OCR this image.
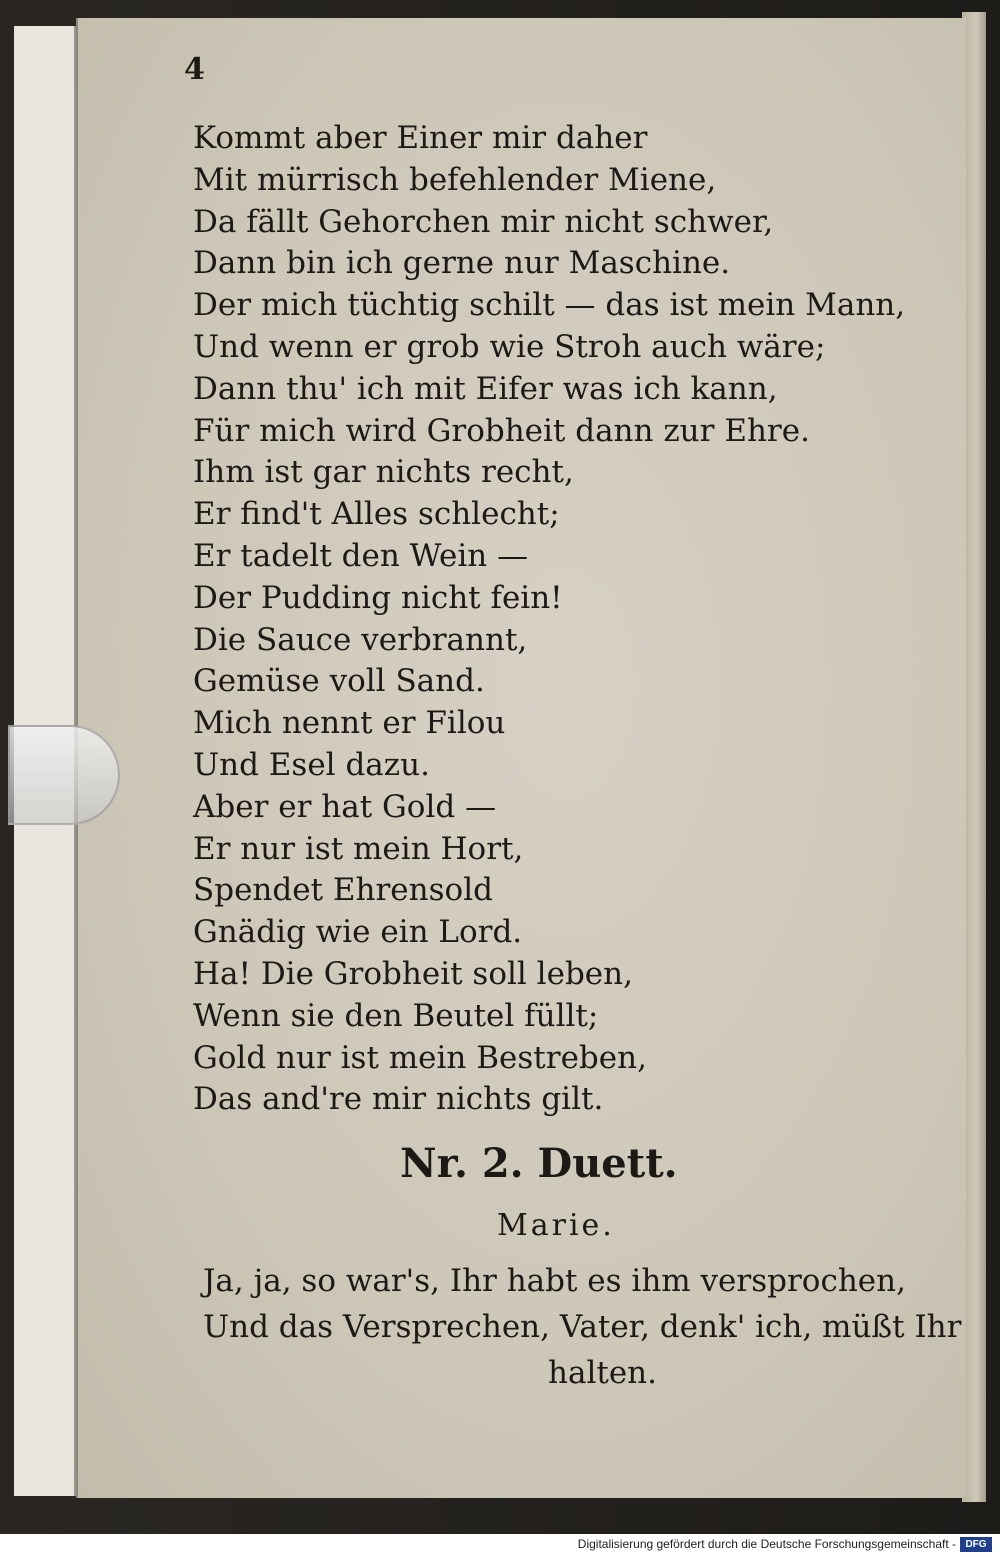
4
Kommt aber Einer mir daher
Mit mürrisch befehlender Miene,
Da fällt Gehorchen mir nicht schwer,
Dann bin ich gerne nur Maschine.
Der mich tüchtig schilt — das ist mein Mann,
Und wenn er grob wie Stroh auch wäre;
Dann thu' ich mit Eifer was ich kann,
Für mich wird Grobheit dann zur Ehre.
Ihm ist gar nichts recht,
Er find't Alles schlecht;
Er tadelt den Wein —
Der Pudding nicht fein!
Die Sauce verbrannt,
Gemüse voll Sand.
Mich nennt er Filou
Und Esel dazu.
Aber er hat Gold —
Er nur ist mein Hort,
Spendet Ehrensold
Gnädig wie ein Lord.
Ha! Die Grobheit soll leben,
Wenn sie den Beutel füllt;
Gold nur ist mein Bestreben,
Das and're mir nichts gilt.
Nr. 2. Duett.
Marie.
Ja, ja, so war's, Ihr habt es ihm versprochen,
Und das Versprechen, Vater, denk' ich, müßt Ihr
halten.
Digitalisierung gefördert durch die Deutsche Forschungsgemeinschaft - DFG
